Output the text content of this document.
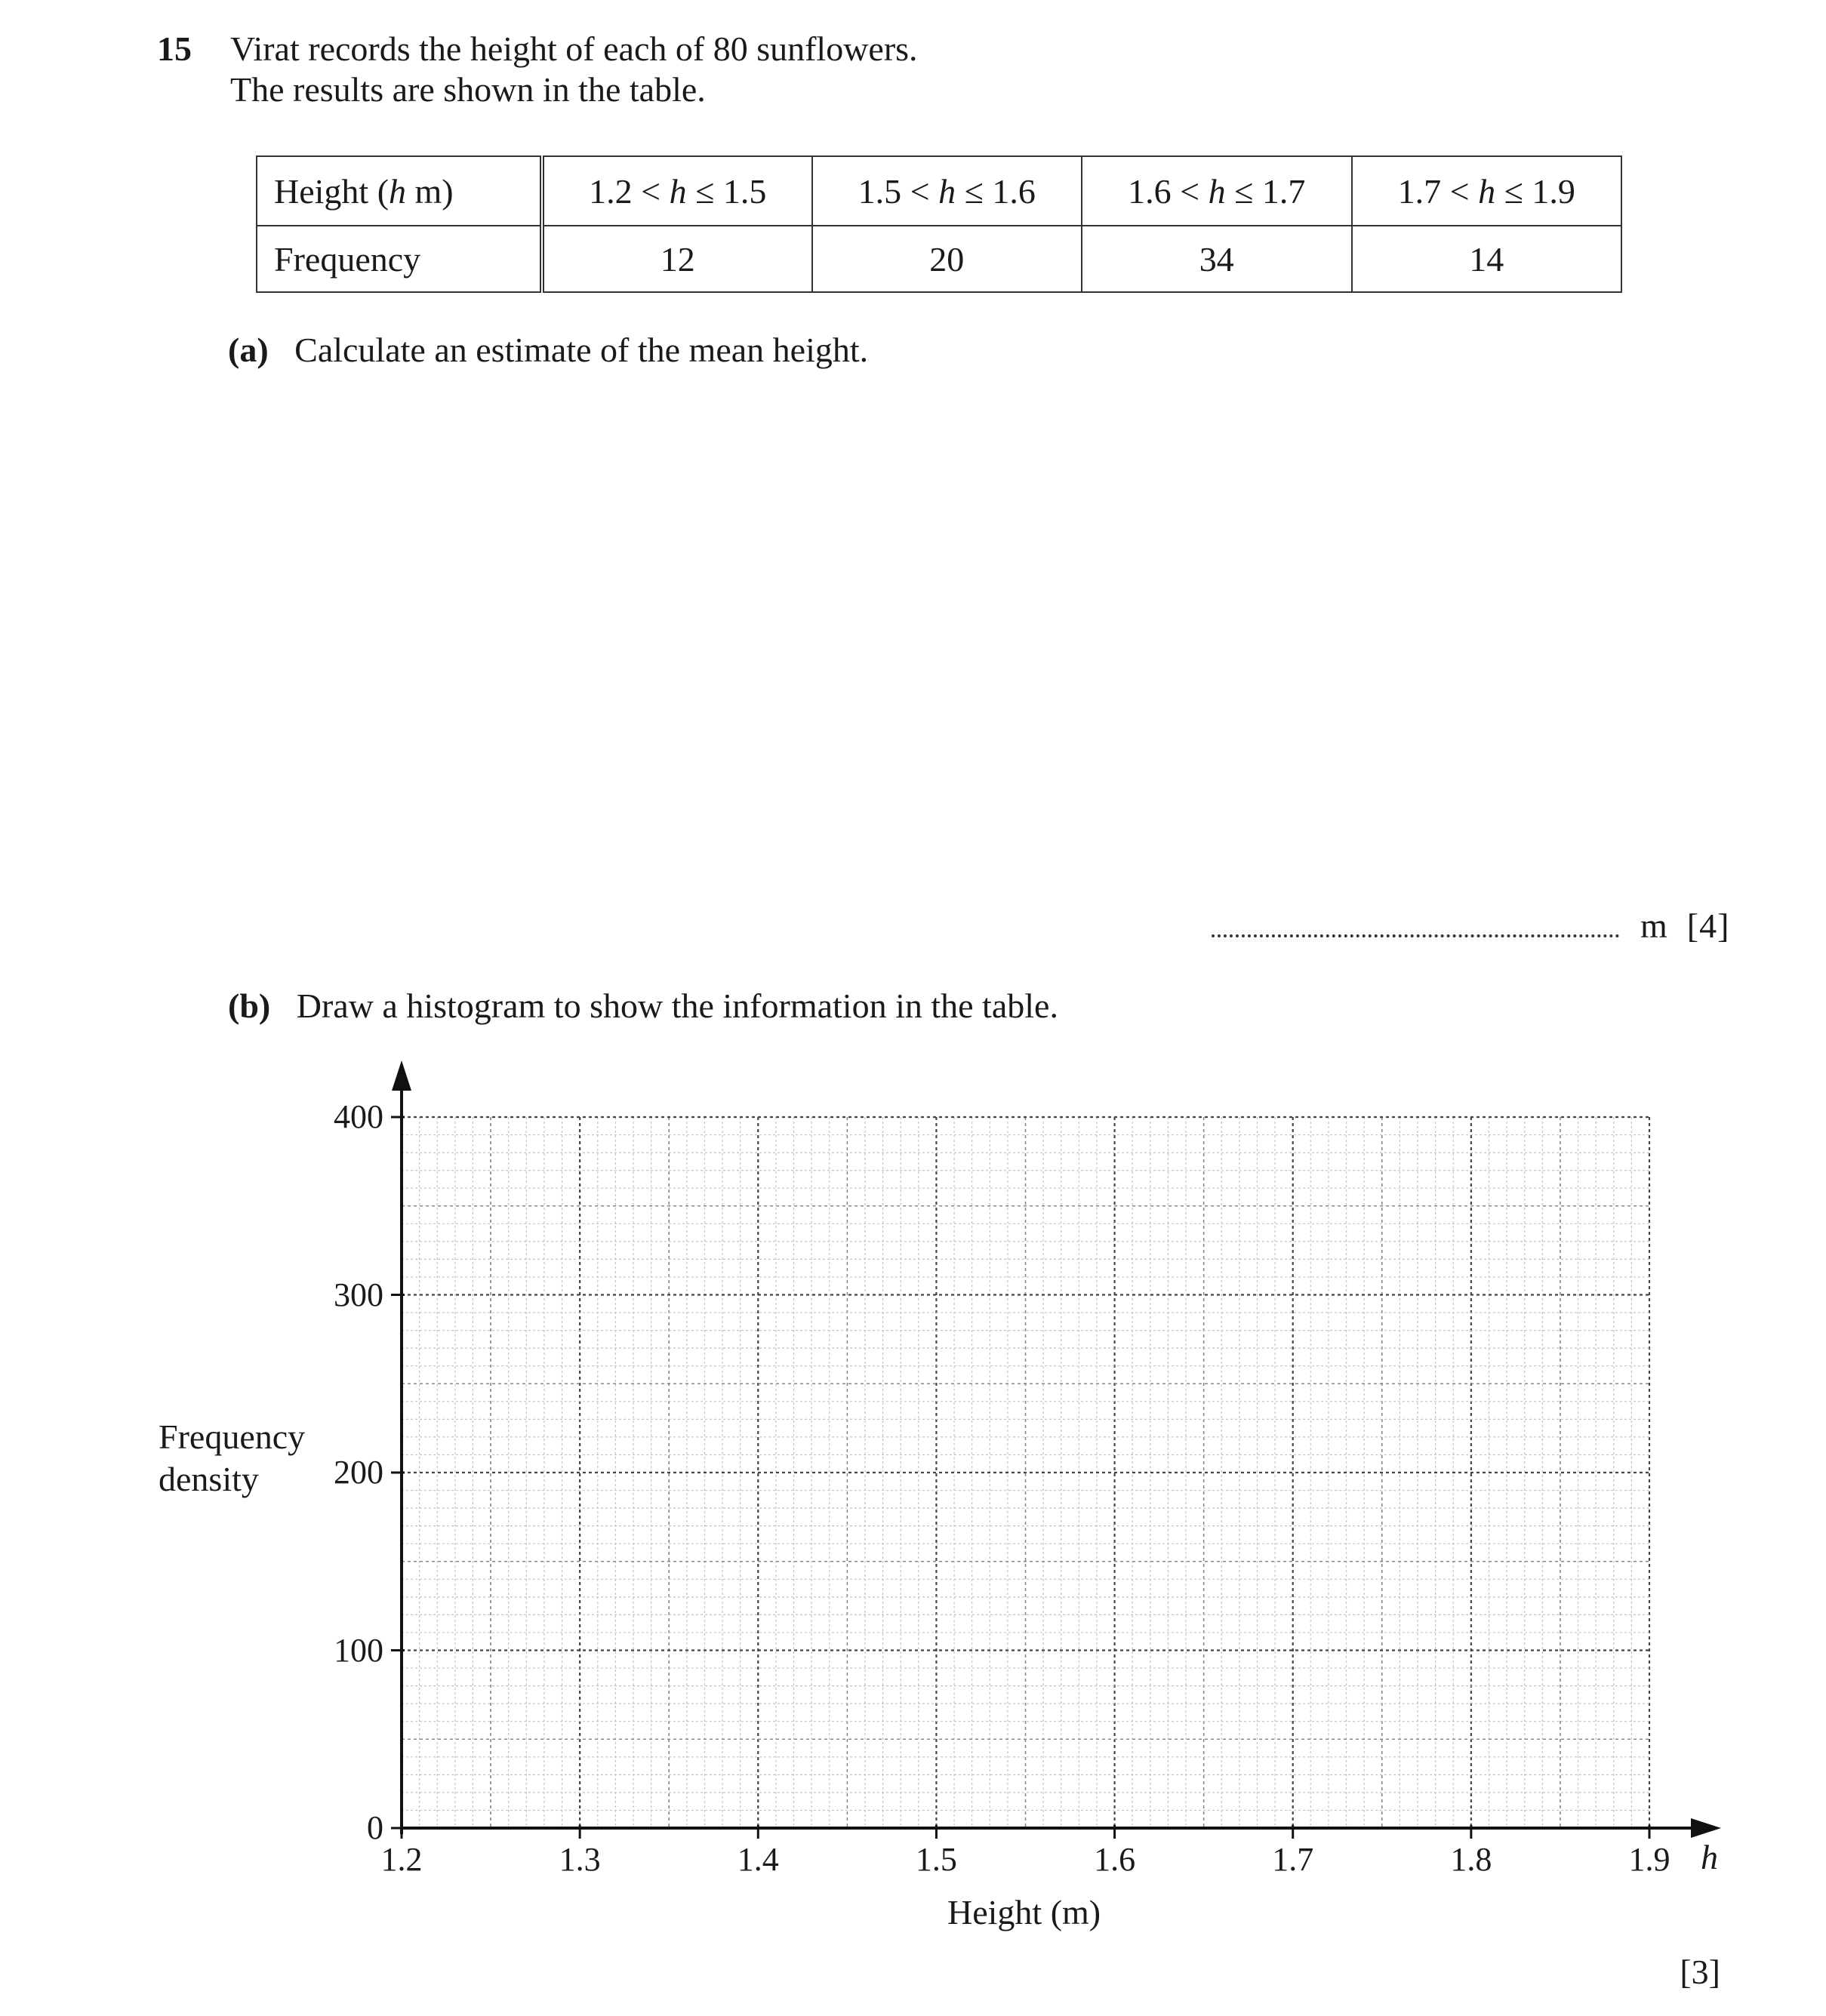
15 Virat records the height of each of 80 sunflowers.
The results are shown in the table.
Height (h m)	1.2 < h ≤ 1.5	1.5 < h ≤ 1.6	1.6 < h ≤ 1.7	1.7 < h ≤ 1.9
Frequency	12	20	34	14
(a) Calculate an estimate of the mean height.
m [4]
(b) Draw a histogram to show the information in the table.
Frequency
density
0
100
200
300
400
1.2	1.3	1.4	1.5	1.6	1.7	1.8	1.9 h
Height (m)
[3]
